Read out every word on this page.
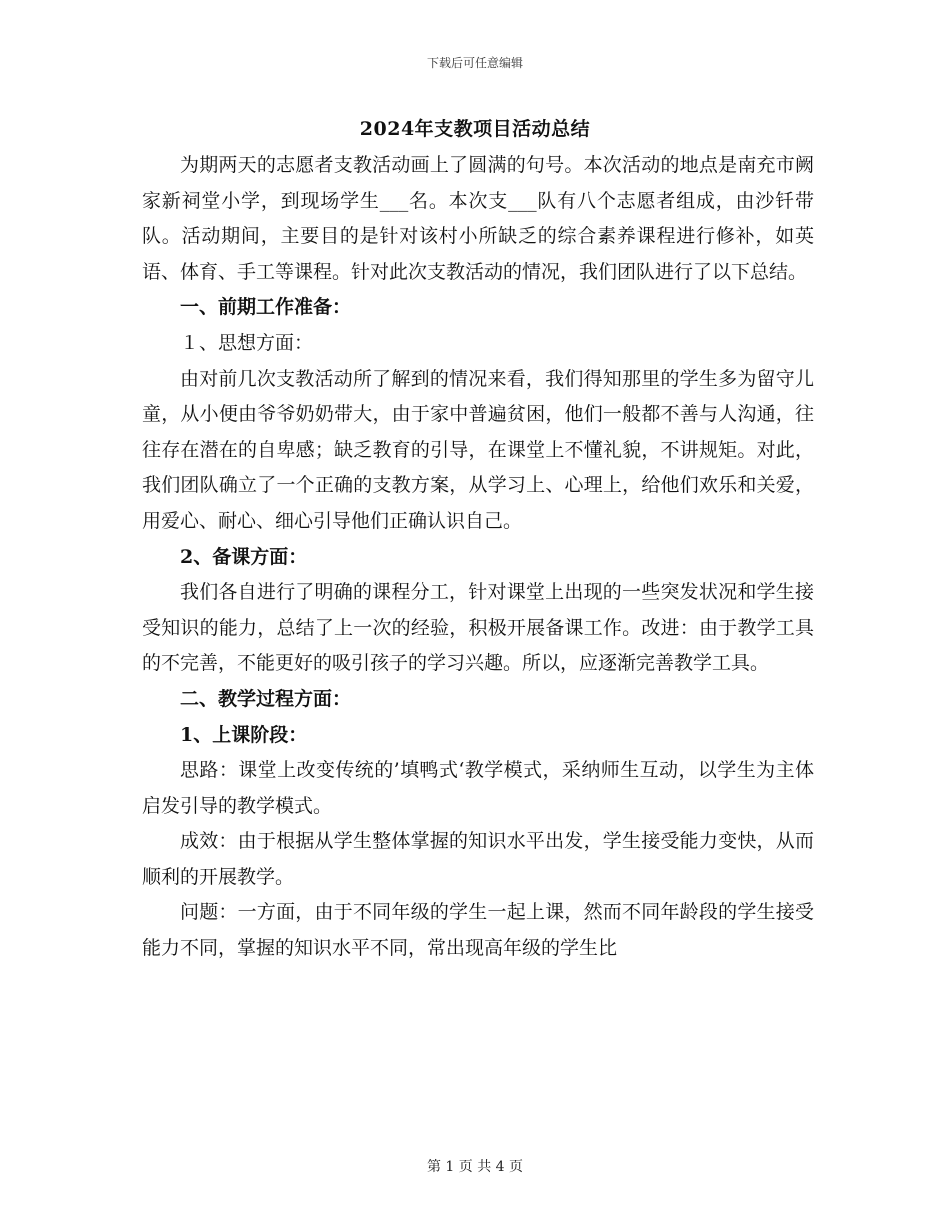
下载后可任意编辑
2024年支教项目活动总结

为期两天的志愿者支教活动画上了圆满的句号。本次活动的地点是南充市阙家新祠堂小学，到现场学生___名。本次支___队有八个志愿者组成，由沙钎带队。活动期间，主要目的是针对该村小所缺乏的综合素养课程进行修补，如英语、体育、手工等课程。针对此次支教活动的情况，我们团队进行了以下总结。

一、前期工作准备：

１、思想方面：

由对前几次支教活动所了解到的情况来看，我们得知那里的学生多为留守儿童，从小便由爷爷奶奶带大，由于家中普遍贫困，他们一般都不善与人沟通，往往存在潜在的自卑感；缺乏教育的引导，在课堂上不懂礼貌，不讲规矩。对此，我们团队确立了一个正确的支教方案，从学习上、心理上，给他们欢乐和关爱，用爱心、耐心、细心引导他们正确认识自己。

2、备课方面：

我们各自进行了明确的课程分工，针对课堂上出现的一些突发状况和学生接受知识的能力，总结了上一次的经验，积极开展备课工作。改进：由于教学工具的不完善，不能更好的吸引孩子的学习兴趣。所以，应逐渐完善教学工具。

二、教学过程方面：

1、上课阶段：

思路：课堂上改变传统的’填鸭式‘教学模式，采纳师生互动，以学生为主体启发引导的教学模式。

成效：由于根据从学生整体掌握的知识水平出发，学生接受能力变快，从而顺利的开展教学。

问题：一方面，由于不同年级的学生一起上课，然而不同年龄段的学生接受能力不同，掌握的知识水平不同，常出现高年级的学生比

第 1 页 共 4 页
